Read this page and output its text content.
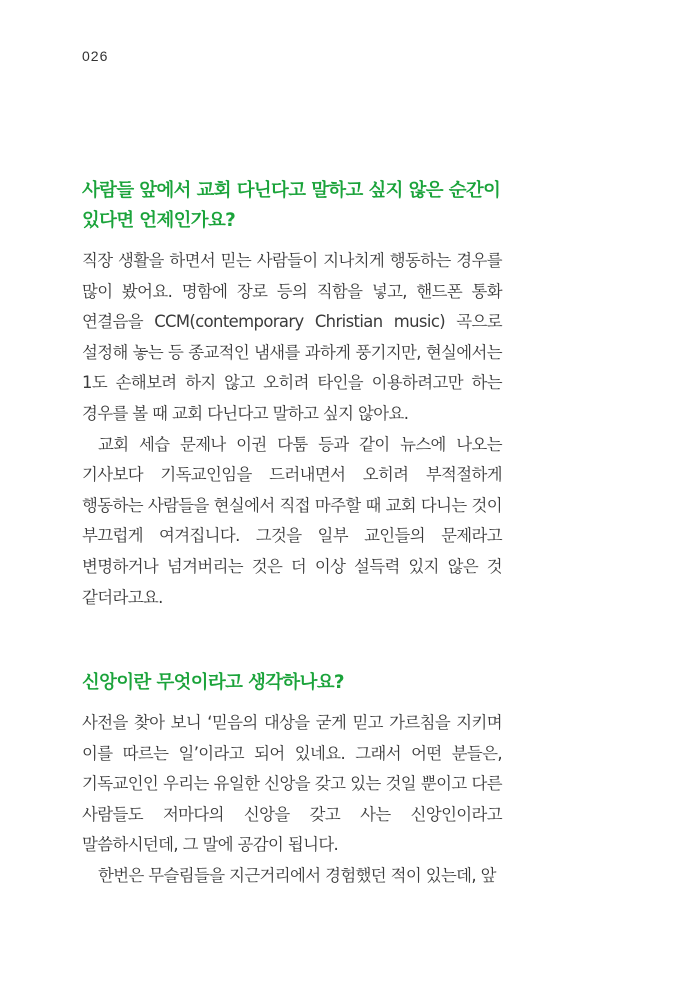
026
사람들 앞에서 교회 다닌다고 말하고 싶지 않은 순간이 있다면 언제인가요?

직장 생활을 하면서 믿는 사람들이 지나치게 행동하는 경우를 많이 봤어요. 명함에 장로 등의 직함을 넣고, 핸드폰 통화 연결음을 CCM(contemporary Christian music) 곡으로 설정해 놓는 등 종교적인 냄새를 과하게 풍기지만, 현실에서는 1도 손해보려 하지 않고 오히려 타인을 이용하려고만 하는 경우를 볼 때 교회 다닌다고 말하고 싶지 않아요.

교회 세습 문제나 이권 다툼 등과 같이 뉴스에 나오는 기사보다 기독교인임을 드러내면서 오히려 부적절하게 행동하는 사람들을 현실에서 직접 마주할 때 교회 다니는 것이 부끄럽게 여겨집니다. 그것을 일부 교인들의 문제라고 변명하거나 넘겨버리는 것은 더 이상 설득력 있지 않은 것 같더라고요.

신앙이란 무엇이라고 생각하나요?

사전을 찾아 보니 ‘믿음의 대상을 굳게 믿고 가르침을 지키며 이를 따르는 일’이라고 되어 있네요. 그래서 어떤 분들은, 기독교인인 우리는 유일한 신앙을 갖고 있는 것일 뿐이고 다른 사람들도 저마다의 신앙을 갖고 사는 신앙인이라고 말씀하시던데, 그 말에 공감이 됩니다.

한번은 무슬림들을 지근거리에서 경험했던 적이 있는데, 앞
